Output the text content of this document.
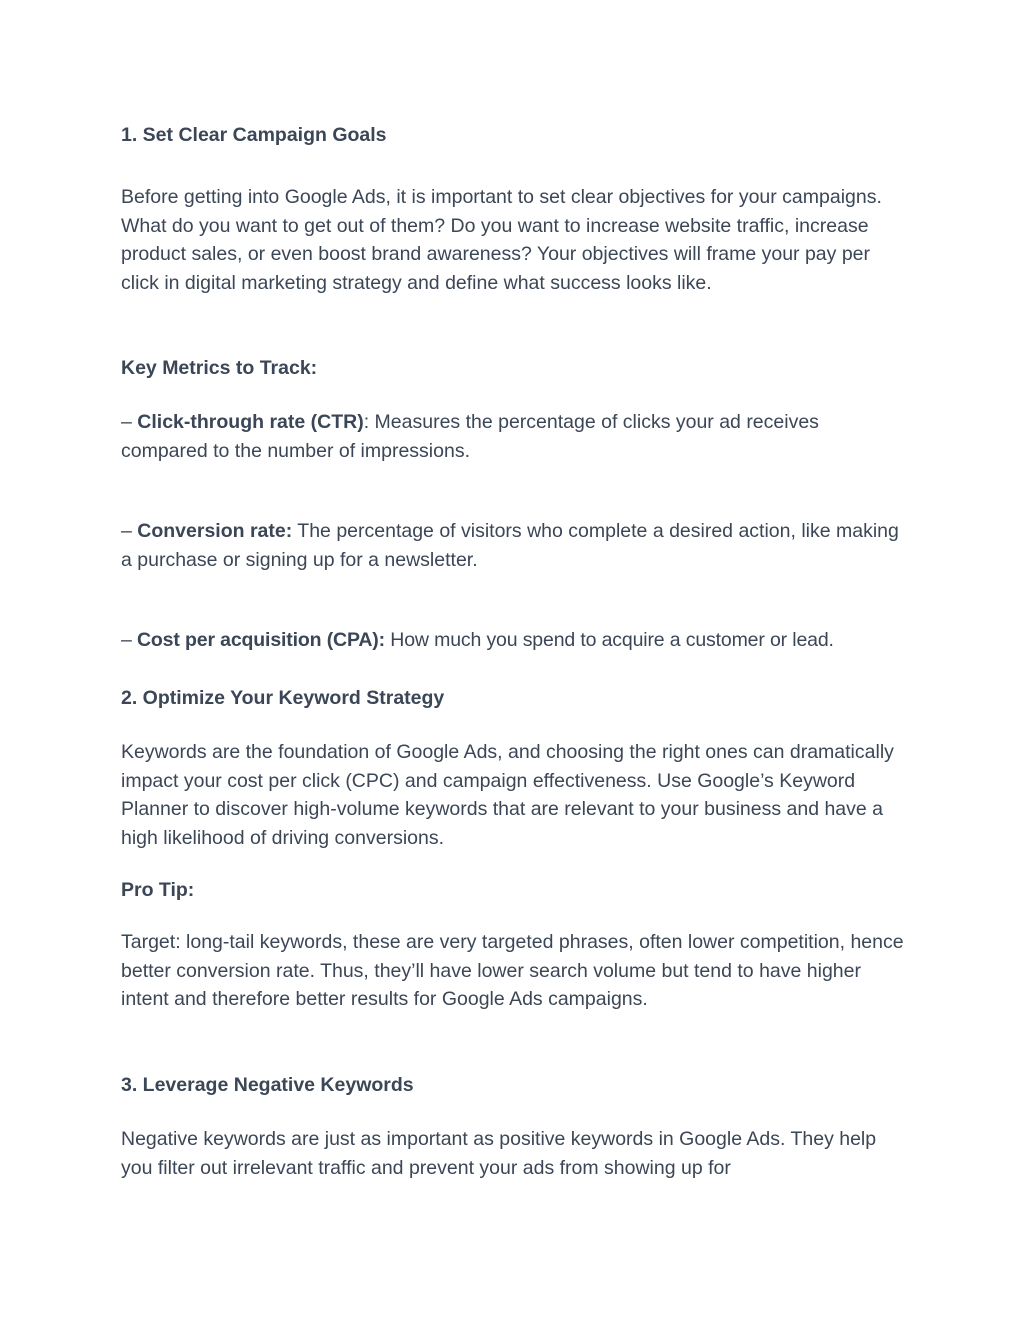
1. Set Clear Campaign Goals

Before getting into Google Ads, it is important to set clear objectives for your campaigns. What do you want to get out of them? Do you want to increase website traffic, increase product sales, or even boost brand awareness? Your objectives will frame your pay per click in digital marketing strategy and define what success looks like.

Key Metrics to Track:

– Click-through rate (CTR): Measures the percentage of clicks your ad receives compared to the number of impressions.

– Conversion rate: The percentage of visitors who complete a desired action, like making a purchase or signing up for a newsletter.

– Cost per acquisition (CPA): How much you spend to acquire a customer or lead.

2. Optimize Your Keyword Strategy

Keywords are the foundation of Google Ads, and choosing the right ones can dramatically impact your cost per click (CPC) and campaign effectiveness. Use Google’s Keyword Planner to discover high-volume keywords that are relevant to your business and have a high likelihood of driving conversions.

Pro Tip:

Target: long-tail keywords, these are very targeted phrases, often lower competition, hence better conversion rate. Thus, they’ll have lower search volume but tend to have higher intent and therefore better results for Google Ads campaigns.

3. Leverage Negative Keywords

Negative keywords are just as important as positive keywords in Google Ads. They help you filter out irrelevant traffic and prevent your ads from showing up for
